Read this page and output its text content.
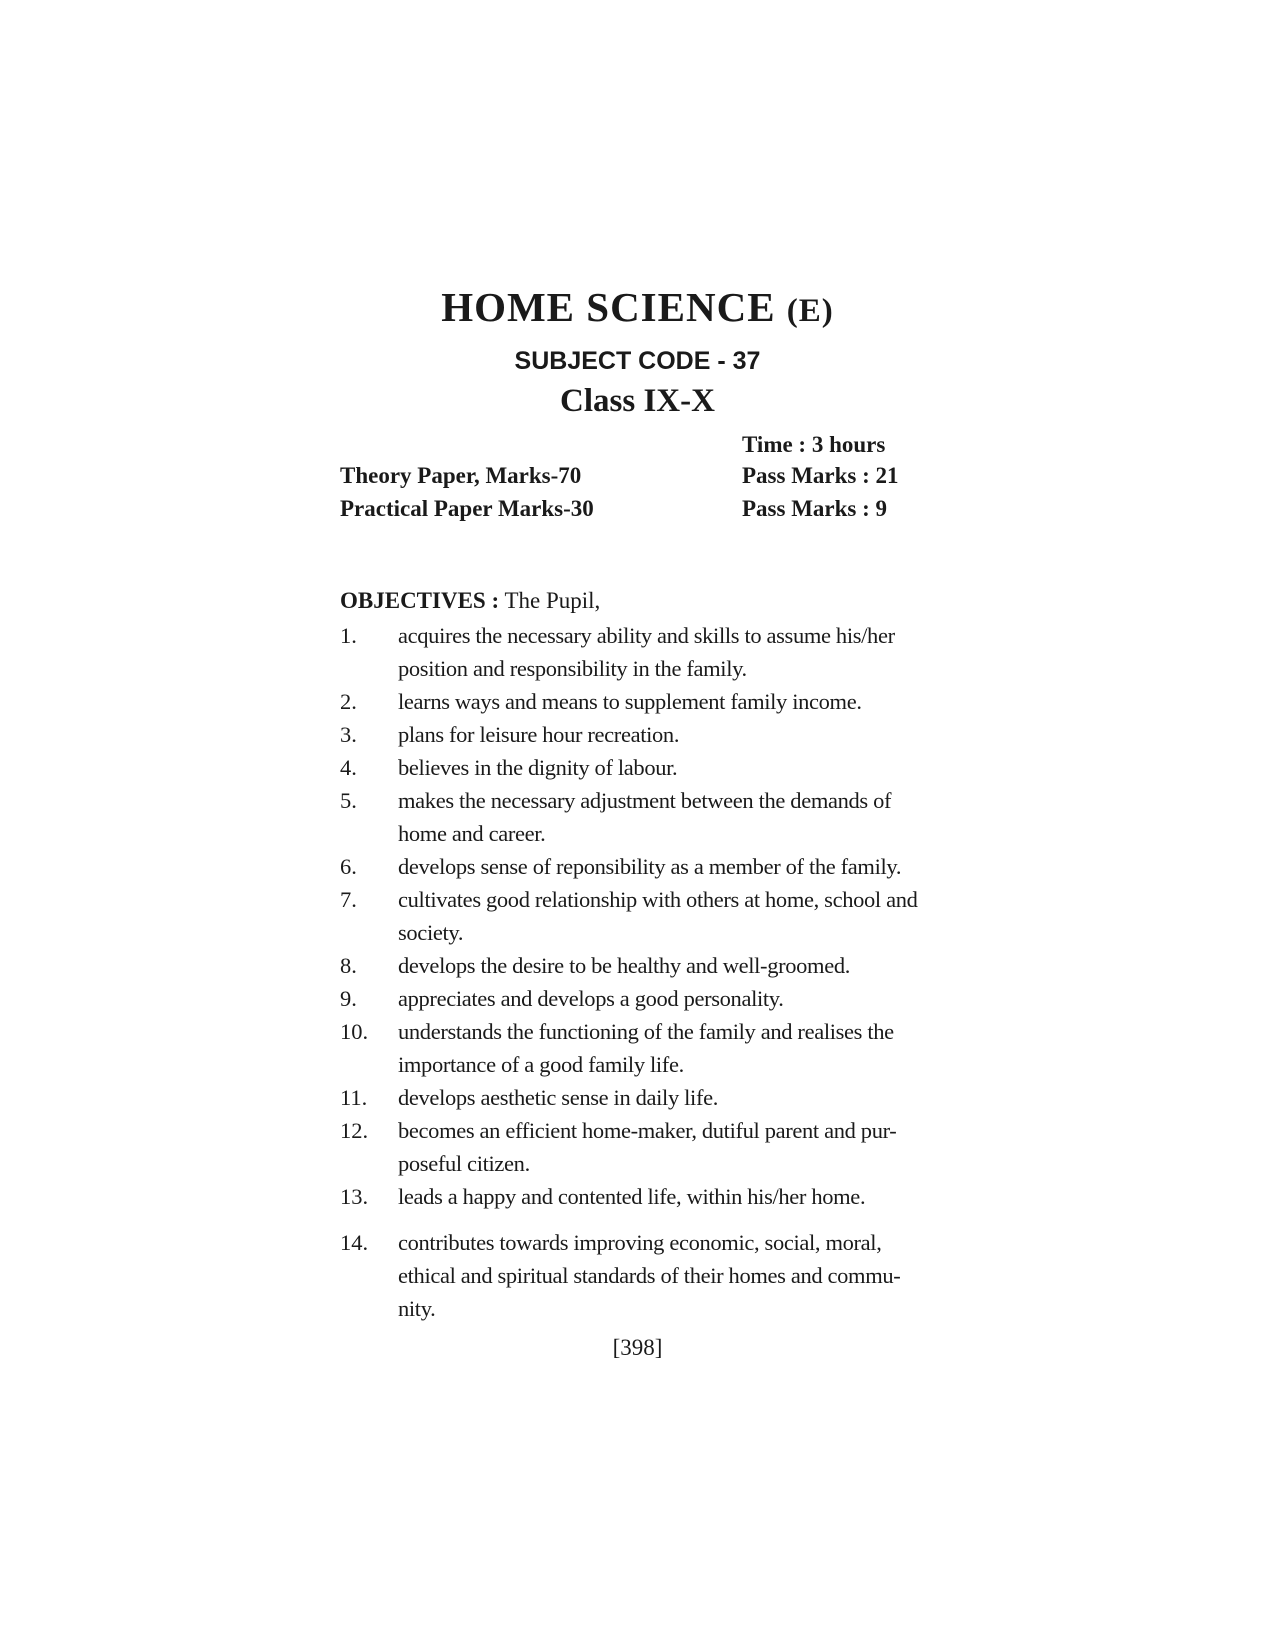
HOME SCIENCE (E)
SUBJECT CODE - 37
Class IX-X
Time : 3 hours
Theory Paper, Marks-70	Pass Marks : 21
Practical Paper Marks-30	Pass Marks : 9
OBJECTIVES : The Pupil,
1.	acquires the necessary ability and skills to assume his/her position and responsibility in the family.
2.	learns ways and means to supplement family income.
3.	plans for leisure hour recreation.
4.	believes in the dignity of labour.
5.	makes the necessary adjustment between the demands of home and career.
6.	develops sense of reponsibility as a member of the family.
7.	cultivates good relationship with others at home, school and society.
8.	develops the desire to be healthy and well-groomed.
9.	appreciates and develops a good personality.
10.	understands the functioning of the family and realises the importance of a good family life.
11.	develops aesthetic sense in daily life.
12.	becomes an efficient home-maker, dutiful parent and pur- poseful citizen.
13.	leads a happy and contented life, within his/her home.
14.	contributes towards improving economic, social, moral, ethical and spiritual standards of their homes and commu- nity.
[398]
